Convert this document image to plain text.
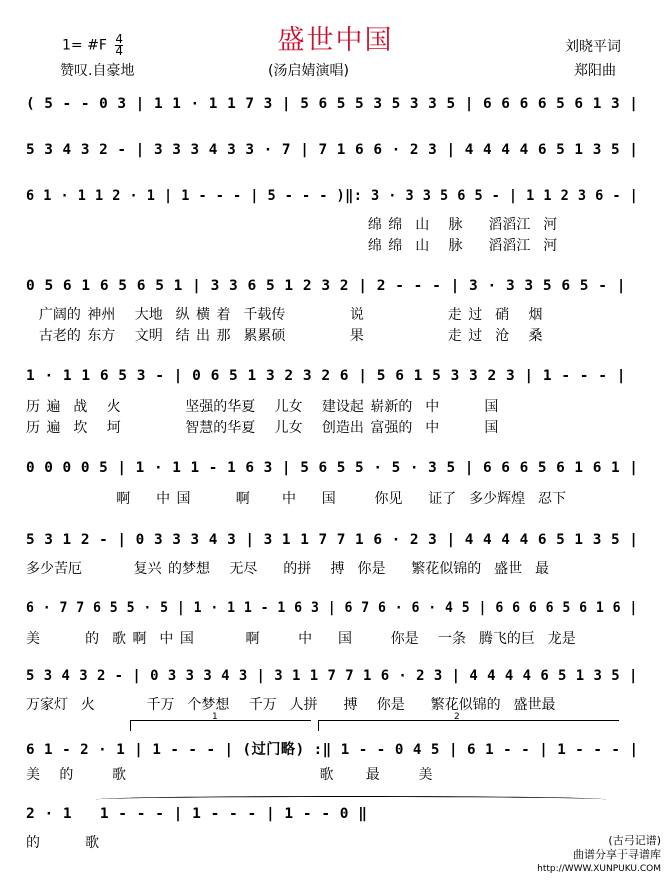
盛世中国
1= #F $\frac{4}{4}$
赞叹.自豪地	(汤启婧演唱)
刘晓平词
郑阳曲
( 5 - - 0 3 | 1 1 · 1 1 7 3 | 5 6 5 5 3 5 3 3 5 | 6 6 6 6 5 6 1 3 |
5 3 4 3 2 - | 3 3 3 4 3 3 · 7 | 7 1 6 6 · 2 3 | 4 4 4 4 6 5 1 3 5 |
6 1 · 1 1 2 · 1 | 1 - - - | 5 - - - )‖: 3 · 3 3 5 6 5 - | 1 1 2 3 6 - |
绵 绵  山   脉    滔滔江  河
绵 绵  山   脉    滔滔江  河
0 5 6 1 6 5 6 5 1 | 3 3 6 5 1 2 3 2 | 2 - - - | 3 · 3 3 5 6 5 - |
广阔的 神州   大地  纵 横 着  千载传          说             走 过  硝   烟
古老的 东方   文明  结 出 那  累累硕          果             走 过  沧   桑
1 · 1 1 6 5 3 - | 0 6 5 1 3 2 3 2 6 | 5 6 1 5 3 3 2 3 | 1 - - - |
历 遍  战   火          坚强的华夏   儿女   建设起 崭新的  中       国
历 遍  坎   坷          智慧的华夏   儿女   创造出 富强的  中       国
0 0 0 0 5 | 1 · 1 1 - 1 6 3 | 5 6 5 5 · 5 · 3 5 | 6 6 6 5 6 1 6 1 |
啊    中 国       啊     中    国      你见    证了  多少辉煌  忍下
5 3 1 2 - | 0 3 3 3 4 3 | 3 1 1 7 7 1 6 · 2 3 | 4 4 4 4 6 5 1 3 5 |
多少苦厄        复兴 的梦想   无尽    的拼   搏  你是    繁花似锦的  盛世  最
6 · 7 7 6 5 5 · 5 | 1 · 1 1 - 1 6 3 | 6 7 6 · 6 · 4 5 | 6 6 6 6 5 6 1 6 |
美       的  歌 啊  中 国        啊      中    国      你是   一条  腾飞的巨  龙是
5 3 4 3 2 - | 0 3 3 3 4 3 | 3 1 1 7 7 1 6 · 2 3 | 4 4 4 4 6 5 1 3 5 |
万家灯  火        千万  个梦想   千万  人拼    搏   你是    繁花似锦的  盛世最
1	2
6 1 - 2 · 1 | 1 - - - | (过门略) :‖ 1 - - 0 4 5 | 6 1 - - | 1 - - - |
美   的      歌                              歌     最      美
2 · 1   1 - - - | 1 - - - | 1 - - 0 ‖
的       歌	(古弓记谱)
曲谱分享于寻谱库
http://WWW.XUNPUKU.COM
